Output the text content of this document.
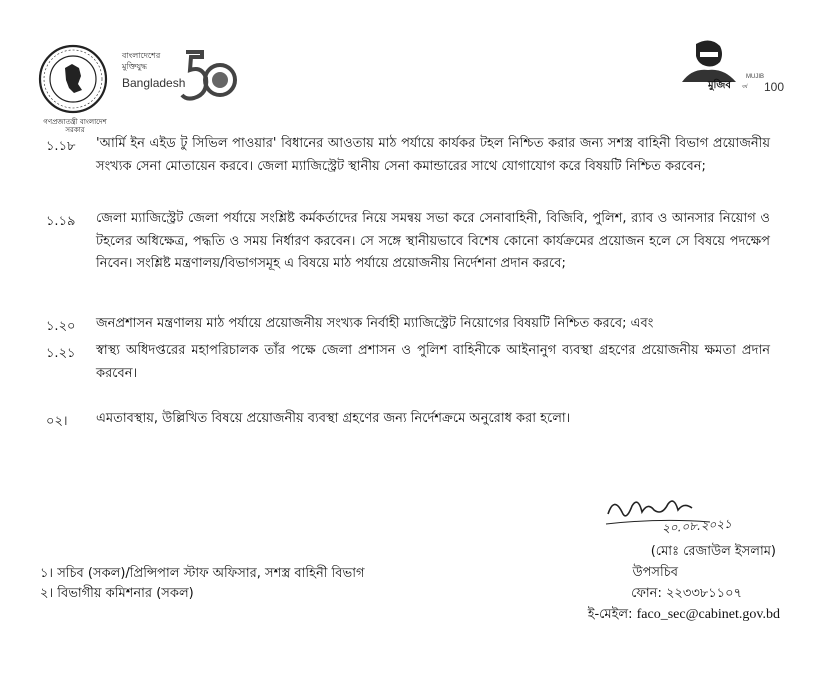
বাংলাদেশের
মুক্তিযুদ্ধ
Bangladesh	মুজিব
MUJIB
বর্ষ 100
১.১৮ 'আর্মি ইন এইড টু সিভিল পাওয়ার' বিধানের আওতায় মাঠ পর্যায়ে কার্যকর টহল নিশ্চিত করার জন্য সশস্ত্র বাহিনী বিভাগ প্রয়োজনীয় সংখ্যক সেনা মোতায়েন করবে। জেলা ম্যাজিস্ট্রেট স্থানীয় সেনা কমান্ডারের সাথে যোগাযোগ করে বিষয়টি নিশ্চিত করবেন;
১.১৯ জেলা ম্যাজিস্ট্রেট জেলা পর্যায়ে সংশ্লিষ্ট কর্মকর্তাদের নিয়ে সমন্বয় সভা করে সেনাবাহিনী, বিজিবি, পুলিশ, র‍্যাব ও আনসার নিয়োগ ও টহলের অধিক্ষেত্র, পদ্ধতি ও সময় নির্ধারণ করবেন। সে সঙ্গে স্থানীয়ভাবে বিশেষ কোনো কার্যক্রমের প্রয়োজন হলে সে বিষয়ে পদক্ষেপ নিবেন। সংশ্লিষ্ট মন্ত্রণালয়/বিভাগসমূহ এ বিষয়ে মাঠ পর্যায়ে প্রয়োজনীয় নির্দেশনা প্রদান করবে;
১.২০ জনপ্রশাসন মন্ত্রণালয় মাঠ পর্যায়ে প্রয়োজনীয় সংখ্যক নির্বাহী ম্যাজিস্ট্রেট নিয়োগের বিষয়টি নিশ্চিত করবে; এবং
১.২১ স্বাস্থ্য অধিদপ্তরের মহাপরিচালক তাঁর পক্ষে জেলা প্রশাসন ও পুলিশ বাহিনীকে আইনানুগ ব্যবস্থা গ্রহণের প্রয়োজনীয় ক্ষমতা প্রদান করবেন।
০২। এমতাবস্থায়, উল্লিখিত বিষয়ে প্রয়োজনীয় ব্যবস্থা গ্রহণের জন্য নির্দেশক্রমে অনুরোধ করা হলো।
২০.০৮.২০২১
(মোঃ রেজাউল ইসলাম)
উপসচিব
ফোন: ২২৩৩৮১১০৭
ই-মেইল: faco_sec@cabinet.gov.bd
১। সচিব (সকল)/প্রিন্সিপাল স্টাফ অফিসার, সশস্ত্র বাহিনী বিভাগ
২। বিভাগীয় কমিশনার (সকল)
গণপ্রজাতন্ত্রী বাংলাদেশ
সরকার
